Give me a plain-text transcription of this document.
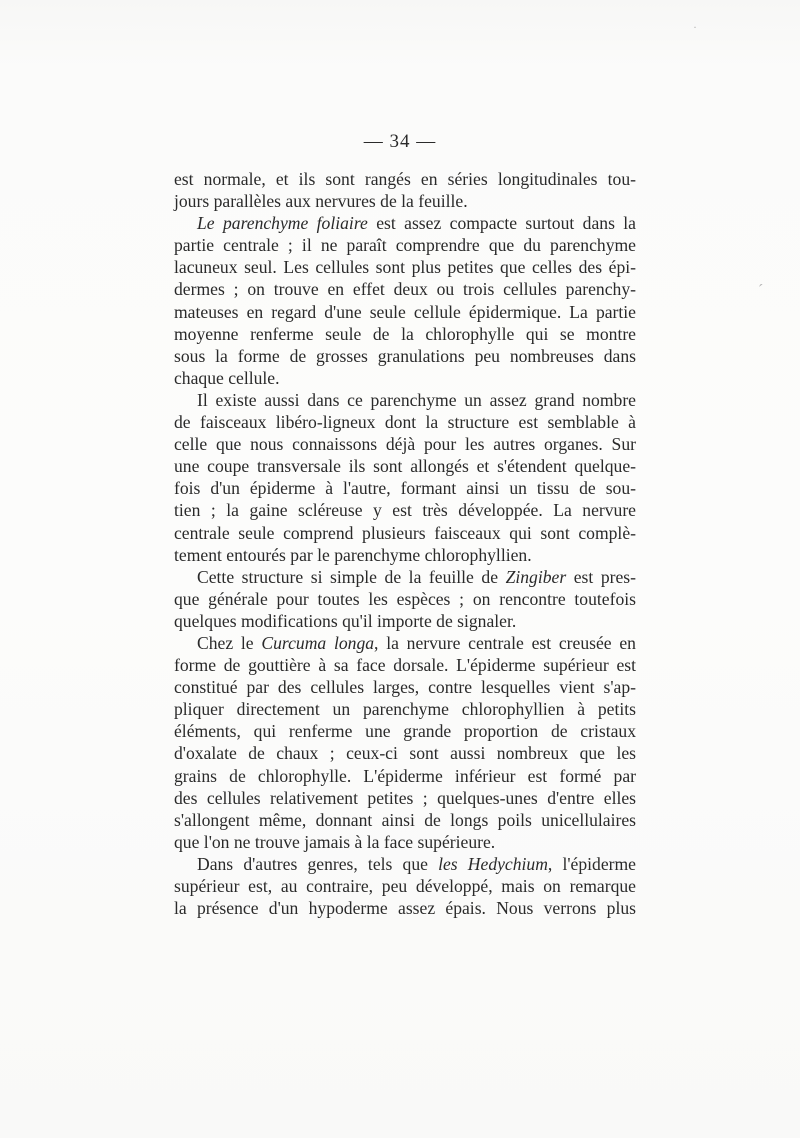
ˊ
·
— 34 —
est normale, et ils sont rangés en séries longitudinales tou-
jours parallèles aux nervures de la feuille.
Le parenchyme foliaire est assez compacte surtout dans la
partie centrale ; il ne paraît comprendre que du parenchyme
lacuneux seul. Les cellules sont plus petites que celles des épi-
dermes ; on trouve en effet deux ou trois cellules parenchy-
mateuses en regard d'une seule cellule épidermique. La partie
moyenne renferme seule de la chlorophylle qui se montre
sous la forme de grosses granulations peu nombreuses dans
chaque cellule.
Il existe aussi dans ce parenchyme un assez grand nombre
de faisceaux libéro-ligneux dont la structure est semblable à
celle que nous connaissons déjà pour les autres organes. Sur
une coupe transversale ils sont allongés et s'étendent quelque-
fois d'un épiderme à l'autre, formant ainsi un tissu de sou-
tien ; la gaine scléreuse y est très développée. La nervure
centrale seule comprend plusieurs faisceaux qui sont complè-
tement entourés par le parenchyme chlorophyllien.
Cette structure si simple de la feuille de Zingiber est pres-
que générale pour toutes les espèces ; on rencontre toutefois
quelques modifications qu'il importe de signaler.
Chez le Curcuma longa, la nervure centrale est creusée en
forme de gouttière à sa face dorsale. L'épiderme supérieur est
constitué par des cellules larges, contre lesquelles vient s'ap-
pliquer directement un parenchyme chlorophyllien à petits
éléments, qui renferme une grande proportion de cristaux
d'oxalate de chaux ; ceux-ci sont aussi nombreux que les
grains de chlorophylle. L'épiderme inférieur est formé par
des cellules relativement petites ; quelques-unes d'entre elles
s'allongent même, donnant ainsi de longs poils unicellulaires
que l'on ne trouve jamais à la face supérieure.
Dans d'autres genres, tels que les Hedychium, l'épiderme
supérieur est, au contraire, peu développé, mais on remarque
la présence d'un hypoderme assez épais. Nous verrons plus
